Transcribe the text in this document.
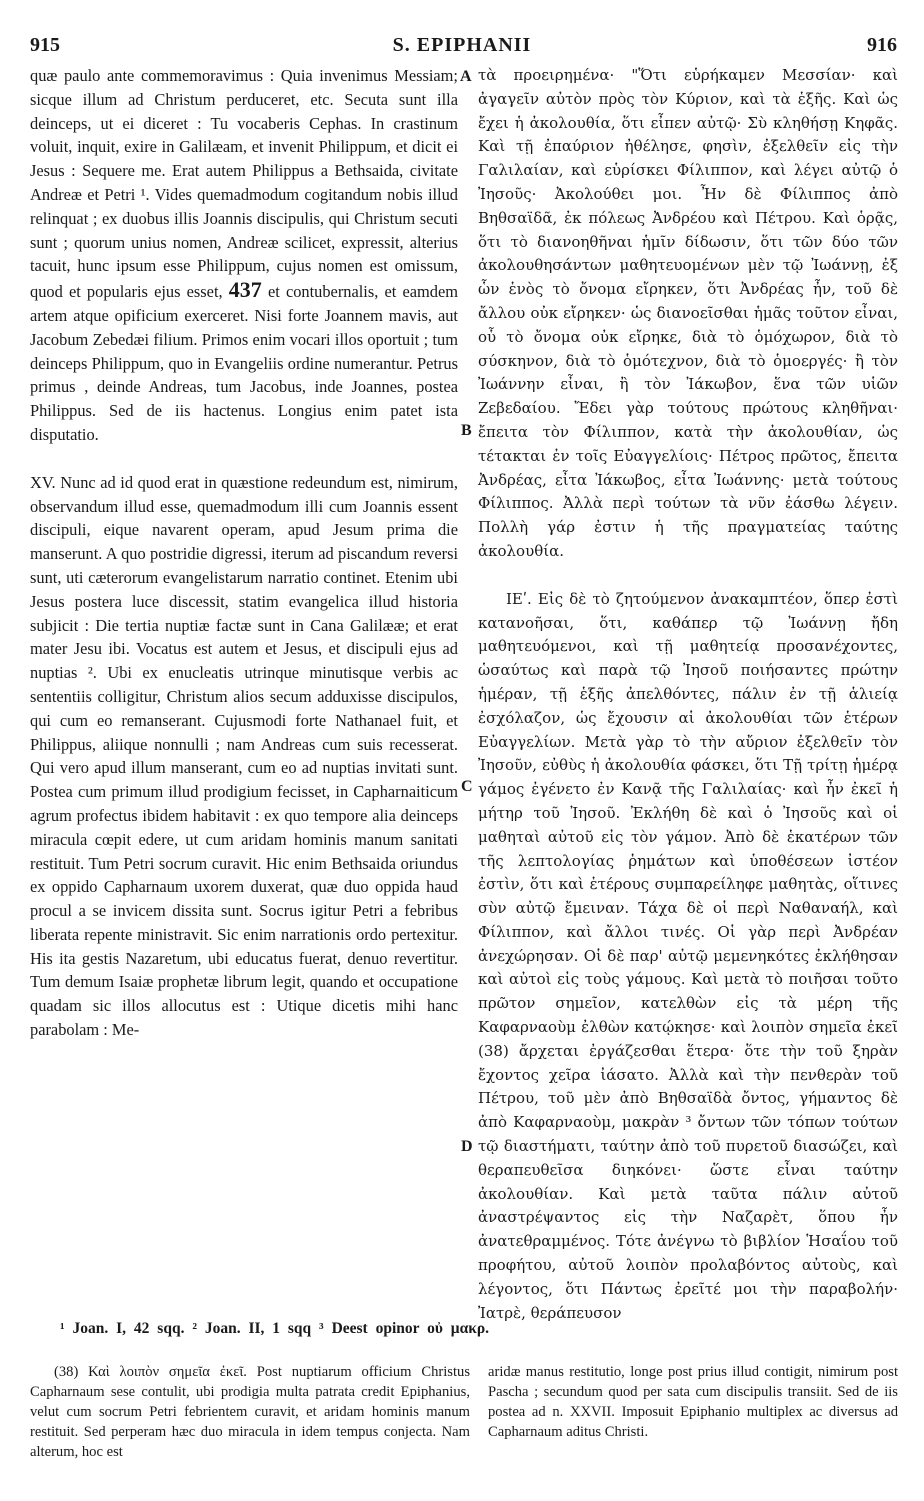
915	S. EPIPHANII	916

quæ paulo ante commemoravimus : Quia invenimus Messiam; sicque illum ad Christum perduceret, etc. Secuta sunt illa deinceps, ut ei diceret : Tu vocaberis Cephas. In crastinum voluit, inquit, exire in Galilæam, et invenit Philippum, et dicit ei Jesus : Sequere me. Erat autem Philippus a Bethsaida, civitate Andreæ et Petri ¹. Vides quemadmodum cogitandum nobis illud relinquat ; ex duobus illis Joannis discipulis, qui Christum secuti sunt ; quorum unius nomen, Andreæ scilicet, expressit, alterius tacuit, hunc ipsum esse Philippum, cujus nomen est omissum, quod et popularis ejus esset, 437 et contubernalis, et eamdem artem atque opificium exerceret. Nisi forte Joannem mavis, aut Jacobum Zebedæi filium. Primos enim vocari illos oportuit ; tum deinceps Philippum, quo in Evangeliis ordine numerantur. Petrus primus , deinde Andreas, tum Jacobus, inde Joannes, postea Philippus. Sed de iis hactenus. Longius enim patet ista disputatio.

XV. Nunc ad id quod erat in quæstione redeundum est, nimirum, observandum illud esse, quemadmodum illi cum Joannis essent discipuli, eique navarent operam, apud Jesum prima die manserunt. A quo postridie digressi, iterum ad piscandum reversi sunt, uti cæterorum evangelistarum narratio continet. Etenim ubi Jesus postera luce discessit, statim evangelica illud historia subjicit : Die tertia nuptiæ factæ sunt in Cana Galilææ; et erat mater Jesu ibi. Vocatus est autem et Jesus, et discipuli ejus ad nuptias ². Ubi ex enucleatis utrinque minutisque verbis ac sententiis colligitur, Christum alios secum adduxisse discipulos, qui cum eo remanserant. Cujusmodi forte Nathanael fuit, et Philippus, aliique nonnulli ; nam Andreas cum suis recesserat. Qui vero apud illum manserant, cum eo ad nuptias invitati sunt. Postea cum primum illud prodigium fecisset, in Capharnaiticum agrum profectus ibidem habitavit : ex quo tempore alia deinceps miracula cœpit edere, ut cum aridam hominis manum sanitati restituit. Tum Petri socrum curavit. Hic enim Bethsaida oriundus ex oppido Capharnaum uxorem duxerat, quæ duo oppida haud procul a se invicem dissita sunt. Socrus igitur Petri a febribus liberata repente ministravit. Sic enim narrationis ordo pertexitur. His ita gestis Nazaretum, ubi educatus fuerat, denuo revertitur. Tum demum Isaiæ prophetæ librum legit, quando et occupatione quadam sic illos allocutus est : Utique dicetis mihi hanc parabolam : Me-

A
B
C
D

τὰ προειρημένα· "Ὅτι εὑρήκαμεν Μεσσίαν· καὶ ἀγαγεῖν αὐτὸν πρὸς τὸν Κύριον, καὶ τὰ ἑξῆς. Καὶ ὡς ἔχει ἡ ἀκολουθία, ὅτι εἶπεν αὐτῷ· Σὺ κληθήσῃ Κηφᾶς. Καὶ τῇ ἐπαύριον ἠθέλησε, φησὶν, ἐξελθεῖν εἰς τὴν Γαλιλαίαν, καὶ εὑρίσκει Φίλιππον, καὶ λέγει αὐτῷ ὁ Ἰησοῦς· Ἀκολούθει μοι. Ἦν δὲ Φίλιππος ἀπὸ Βηθσαϊδᾶ, ἐκ πόλεως Ἀνδρέου καὶ Πέτρου. Καὶ ὁρᾷς, ὅτι τὸ διανοηθῆναι ἡμῖν δίδωσιν, ὅτι τῶν δύο τῶν ἀκολουθησάντων μαθητευομένων μὲν τῷ Ἰωάννῃ, ἐξ ὧν ἑνὸς τὸ ὄνομα εἴρηκεν, ὅτι Ἀνδρέας ἦν, τοῦ δὲ ἄλλου οὐκ εἴρηκεν· ὡς διανοεῖσθαι ἡμᾶς τοῦτον εἶναι, οὗ τὸ ὄνομα οὐκ εἴρηκε, διὰ τὸ ὁμόχωρον, διὰ τὸ σύσκηνον, διὰ τὸ ὁμότεχνον, διὰ τὸ ὁμοεργές· ἢ τὸν Ἰωάννην εἶναι, ἢ τὸν Ἰάκωβον, ἕνα τῶν υἱῶν Ζεβεδαίου. Ἔδει γὰρ τούτους πρώτους κληθῆναι· ἔπειτα τὸν Φίλιππον, κατὰ τὴν ἀκολουθίαν, ὡς τέτακται ἐν τοῖς Εὐαγγελίοις· Πέτρος πρῶτος, ἔπειτα Ἀνδρέας, εἶτα Ἰάκωβος, εἶτα Ἰωάννης· μετὰ τούτους Φίλιππος. Ἀλλὰ περὶ τούτων τὰ νῦν ἐάσθω λέγειν. Πολλὴ γάρ ἐστιν ἡ τῆς πραγματείας ταύτης ἀκολουθία.

ΙΕʹ. Εἰς δὲ τὸ ζητούμενον ἀνακαμπτέον, ὅπερ ἐστὶ κατανοῆσαι, ὅτι, καθάπερ τῷ Ἰωάννῃ ἤδη μαθητευόμενοι, καὶ τῇ μαθητείᾳ προσανέχοντες, ὡσαύτως καὶ παρὰ τῷ Ἰησοῦ ποιήσαντες πρώτην ἡμέραν, τῇ ἑξῆς ἀπελθόντες, πάλιν ἐν τῇ ἁλιείᾳ ἐσχόλαζον, ὡς ἔχουσιν αἱ ἀκολουθίαι τῶν ἑτέρων Εὐαγγελίων. Μετὰ γὰρ τὸ τὴν αὔριον ἐξελθεῖν τὸν Ἰησοῦν, εὐθὺς ἡ ἀκολουθία φάσκει, ὅτι Τῇ τρίτῃ ἡμέρᾳ γάμος ἐγένετο ἐν Κανᾷ τῆς Γαλιλαίας· καὶ ἦν ἐκεῖ ἡ μήτηρ τοῦ Ἰησοῦ. Ἐκλήθη δὲ καὶ ὁ Ἰησοῦς καὶ οἱ μαθηταὶ αὐτοῦ εἰς τὸν γάμον. Ἀπὸ δὲ ἑκατέρων τῶν τῆς λεπτολογίας ῥημάτων καὶ ὑποθέσεων ἰστέον ἐστὶν, ὅτι καὶ ἑτέρους συμπαρείληφε μαθητὰς, οἵτινες σὺν αὐτῷ ἔμειναν. Τάχα δὲ οἱ περὶ Ναθαναήλ, καὶ Φίλιππον, καὶ ἄλλοι τινές. Οἱ γὰρ περὶ Ἀνδρέαν ἀνεχώρησαν. Οἱ δὲ παρ' αὐτῷ μεμενηκότες ἐκλήθησαν καὶ αὐτοὶ εἰς τοὺς γάμους. Καὶ μετὰ τὸ ποιῆσαι τοῦτο πρῶτον σημεῖον, κατελθὼν εἰς τὰ μέρη τῆς Καφαρναοὺμ ἐλθὼν κατῴκησε· καὶ λοιπὸν σημεῖα ἐκεῖ (38) ἄρχεται ἐργάζεσθαι ἕτερα· ὅτε τὴν τοῦ ξηρὰν ἔχοντος χεῖρα ἰάσατο. Ἀλλὰ καὶ τὴν πενθερὰν τοῦ Πέτρου, τοῦ μὲν ἀπὸ Βηθσαϊδὰ ὄντος, γήμαντος δὲ ἀπὸ Καφαρναοὺμ, μακρὰν ³ ὄντων τῶν τόπων τούτων τῷ διαστήματι, ταύτην ἀπὸ τοῦ πυρετοῦ διασώζει, καὶ θεραπευθεῖσα διηκόνει· ὥστε εἶναι ταύτην ἀκολουθίαν. Καὶ μετὰ ταῦτα πάλιν αὐτοῦ ἀναστρέψαντος εἰς τὴν Ναζαρὲτ, ὅπου ἦν ἀνατεθραμμένος. Τότε ἀνέγνω τὸ βιβλίον Ἡσαΐου τοῦ προφήτου, αὐτοῦ λοιπὸν προλαβόντος αὐτοὺς, καὶ λέγοντος, ὅτι Πάντως ἐρεῖτέ μοι τὴν παραβολήν· Ἰατρὲ, θεράπευσον

¹ Joan. I, 42 sqq. ² Joan. II, 1 sqq ³ Deest opinor οὐ μακρ.

(38) Καὶ λοιπὸν σημεῖα ἐκεῖ. Post nuptiarum officium Christus Capharnaum sese contulit, ubi prodigia multa patrata credit Epiphanius, velut cum socrum Petri febrientem curavit, et aridam hominis manum restituit. Sed perperam hæc duo miracula in idem tempus conjecta. Nam alterum, hoc est

aridæ manus restitutio, longe post prius illud contigit, nimirum post Pascha ; secundum quod per sata cum discipulis transiit. Sed de iis postea ad n. XXVII. Imposuit Epiphanio multiplex ac diversus ad Capharnaum aditus Christi.
